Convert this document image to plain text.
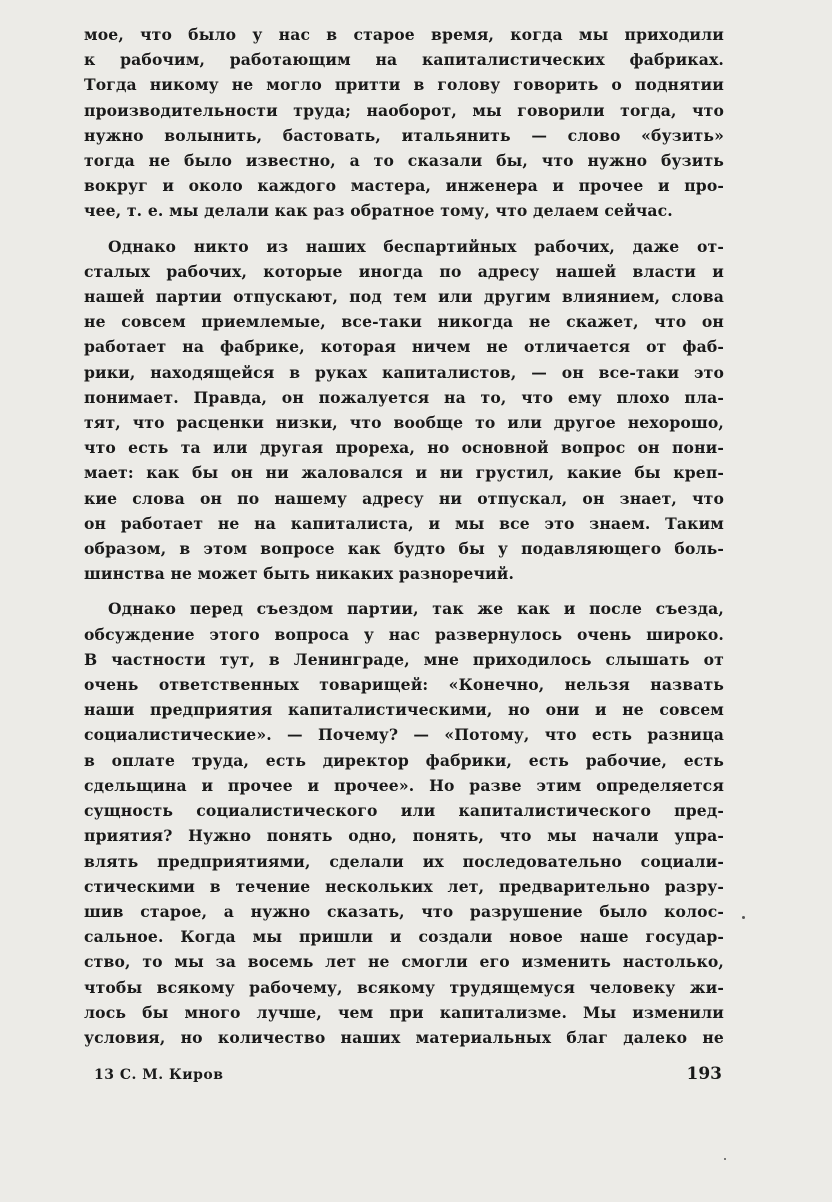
мое, что было у нас в старое время, когда мы приходили
к рабочим, работающим на капиталистических фабриках.
Тогда никому не могло притти в голову говорить о поднятии
производительности труда; наоборот, мы говорили тогда, что
нужно волынить, бастовать, итальянить — слово «бузить»
тогда не было известно, а то сказали бы, что нужно бузить
вокруг и около каждого мастера, инженера и прочее и про-
чее, т. е. мы делали как раз обратное тому, что делаем сейчас.
Однако никто из наших беспартийных рабочих, даже от-
сталых рабочих, которые иногда по адресу нашей власти и
нашей партии отпускают, под тем или другим влиянием, слова
не совсем приемлемые, все-таки никогда не скажет, что он
работает на фабрике, которая ничем не отличается от фаб-
рики, находящейся в руках капиталистов, — он все-таки это
понимает. Правда, он пожалуется на то, что ему плохо пла-
тят, что расценки низки, что вообще то или другое нехорошо,
что есть та или другая прореха, но основной вопрос он пони-
мает: как бы он ни жаловался и ни грустил, какие бы креп-
кие слова он по нашему адресу ни отпускал, он знает, что
он работает не на капиталиста, и мы все это знаем. Таким
образом, в этом вопросе как будто бы у подавляющего боль-
шинства не может быть никаких разноречий.
Однако перед съездом партии, так же как и после съезда,
обсуждение этого вопроса у нас развернулось очень широко.
В частности тут, в Ленинграде, мне приходилось слышать от
очень ответственных товарищей: «Конечно, нельзя назвать
наши предприятия капиталистическими, но они и не совсем
социалистические». — Почему? — «Потому, что есть разница
в оплате труда, есть директор фабрики, есть рабочие, есть
сдельщина и прочее и прочее». Но разве этим определяется
сущность социалистического или капиталистического пред-
приятия? Нужно понять одно, понять, что мы начали упра-
влять предприятиями, сделали их последовательно социали-
стическими в течение нескольких лет, предварительно разру-
шив старое, а нужно сказать, что разрушение было колос-
сальное. Когда мы пришли и создали новое наше государ-
ство, то мы за восемь лет не смогли его изменить настолько,
чтобы всякому рабочему, всякому трудящемуся человеку жи-
лось бы много лучше, чем при капитализме. Мы изменили
условия, но количество наших материальных благ далеко не
13 С. М. Киров	193
